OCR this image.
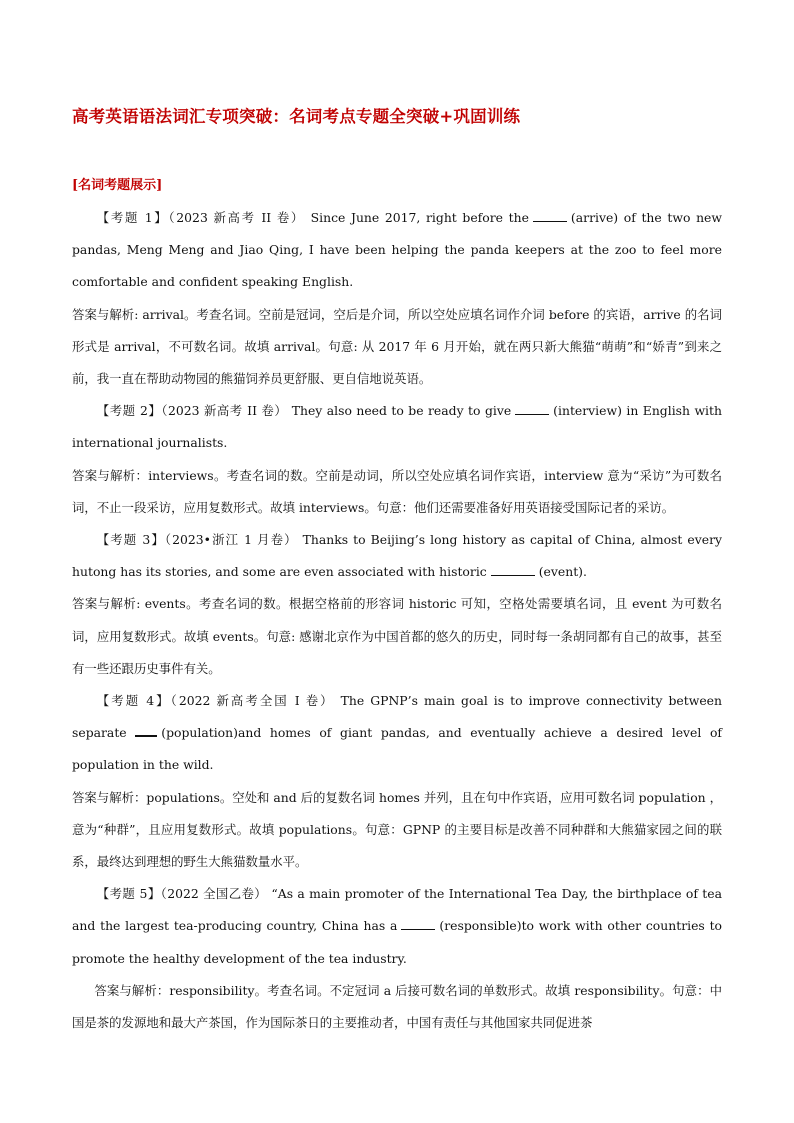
高考英语语法词汇专项突破：名词考点专题全突破+巩固训练
[名词考题展示]

【考题 1】（2023 新高考 II 卷） Since June 2017, right before the	(arrive) of the two new pandas, Meng Meng and Jiao Qing, I have been helping the panda keepers at the zoo to feel more comfortable and confident speaking English.

答案与解析: arrival。考查名词。空前是冠词，空后是介词，所以空处应填名词作介词 before 的宾语，arrive 的名词形式是 arrival，不可数名词。故填 arrival。句意: 从 2017 年 6 月开始，就在两只新大熊猫“萌萌”和“娇青”到来之前，我一直在帮助动物园的熊猫饲养员更舒服、更自信地说英语。

【考题 2】（2023 新高考 II 卷） They also need to be ready to give	(interview) in English with international journalists.

答案与解析：interviews。考查名词的数。空前是动词，所以空处应填名词作宾语，interview 意为“采访”为可数名词，不止一段采访，应用复数形式。故填 interviews。句意：他们还需要准备好用英语接受国际记者的采访。

【考题 3】（2023•浙江 1 月卷） Thanks to Beijing’s long history as capital of China, almost every hutong has its stories, and some are even associated with historic	(event).

答案与解析: events。考查名词的数。根据空格前的形容词 historic 可知，空格处需要填名词，且 event 为可数名词，应用复数形式。故填 events。句意: 感谢北京作为中国首都的悠久的历史，同时每一条胡同都有自己的故事，甚至有一些还跟历史事件有关。

【考题 4】（2022 新高考全国 I 卷） The GPNP’s main goal is to improve connectivity between separate	(population)and homes of giant pandas, and eventually achieve a desired level of population in the wild.

答案与解析：populations。空处和 and 后的复数名词 homes 并列，且在句中作宾语，应用可数名词 population ，意为“种群”，且应用复数形式。故填 populations。句意：GPNP 的主要目标是改善不同种群和大熊猫家园之间的联系，最终达到理想的野生大熊猫数量水平。

【考题 5】（2022 全国乙卷） “As a main promoter of the International Tea Day, the birthplace of tea and the largest tea-producing country, China has a	(responsible)to work with other countries to promote the healthy development of the tea industry.

答案与解析：responsibility。考查名词。不定冠词 a 后接可数名词的单数形式。故填 responsibility。句意：中国是茶的发源地和最大产茶国，作为国际茶日的主要推动者，中国有责任与其他国家共同促进茶
